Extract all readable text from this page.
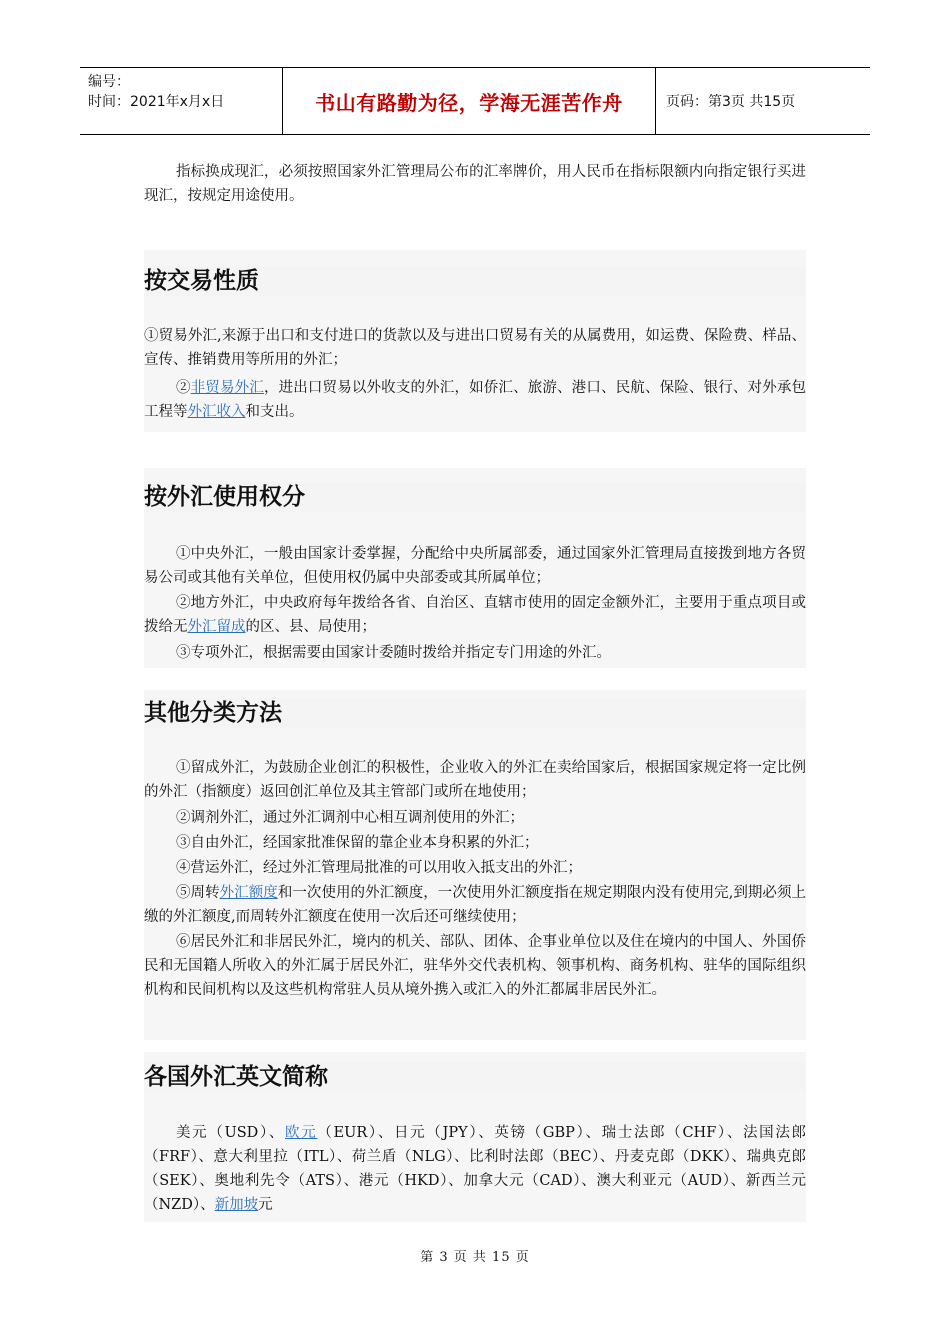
编号：
时间：2021年x月x日	书山有路勤为径，学海无涯苦作舟	页码：第3页 共15页

指标换成现汇，必须按照国家外汇管理局公布的汇率牌价，用人民币在指标限额内向指定银行买进现汇，按规定用途使用。

按交易性质

①贸易外汇,来源于出口和支付进口的货款以及与进出口贸易有关的从属费用，如运费、保险费、样品、宣传、推销费用等所用的外汇；

②非贸易外汇，进出口贸易以外收支的外汇，如侨汇、旅游、港口、民航、保险、银行、对外承包工程等外汇收入和支出。

按外汇使用权分

①中央外汇，一般由国家计委掌握，分配给中央所属部委，通过国家外汇管理局直接拨到地方各贸易公司或其他有关单位，但使用权仍属中央部委或其所属单位；

②地方外汇，中央政府每年拨给各省、自治区、直辖市使用的固定金额外汇，主要用于重点项目或拨给无外汇留成的区、县、局使用；

③专项外汇，根据需要由国家计委随时拨给并指定专门用途的外汇。

其他分类方法

①留成外汇，为鼓励企业创汇的积极性，企业收入的外汇在卖给国家后，根据国家规定将一定比例的外汇（指额度）返回创汇单位及其主管部门或所在地使用；

②调剂外汇，通过外汇调剂中心相互调剂使用的外汇；

③自由外汇，经国家批准保留的靠企业本身积累的外汇；

④营运外汇，经过外汇管理局批准的可以用收入抵支出的外汇；

⑤周转外汇额度和一次使用的外汇额度，一次使用外汇额度指在规定期限内没有使用完,到期必须上缴的外汇额度,而周转外汇额度在使用一次后还可继续使用；

⑥居民外汇和非居民外汇，境内的机关、部队、团体、企事业单位以及住在境内的中国人、外国侨民和无国籍人所收入的外汇属于居民外汇，驻华外交代表机构、领事机构、商务机构、驻华的国际组织机构和民间机构以及这些机构常驻人员从境外携入或汇入的外汇都属非居民外汇。

各国外汇英文简称

美元（USD）、欧元（EUR）、日元（JPY）、英镑（GBP）、瑞士法郎（CHF）、法国法郎（FRF）、意大利里拉（ITL）、荷兰盾（NLG）、比利时法郎（BEC）、丹麦克郎（DKK）、瑞典克郎（SEK）、奥地利先令（ATS）、港元（HKD）、加拿大元（CAD）、澳大利亚元（AUD）、新西兰元（NZD）、新加坡元

第 3 页 共 15 页
